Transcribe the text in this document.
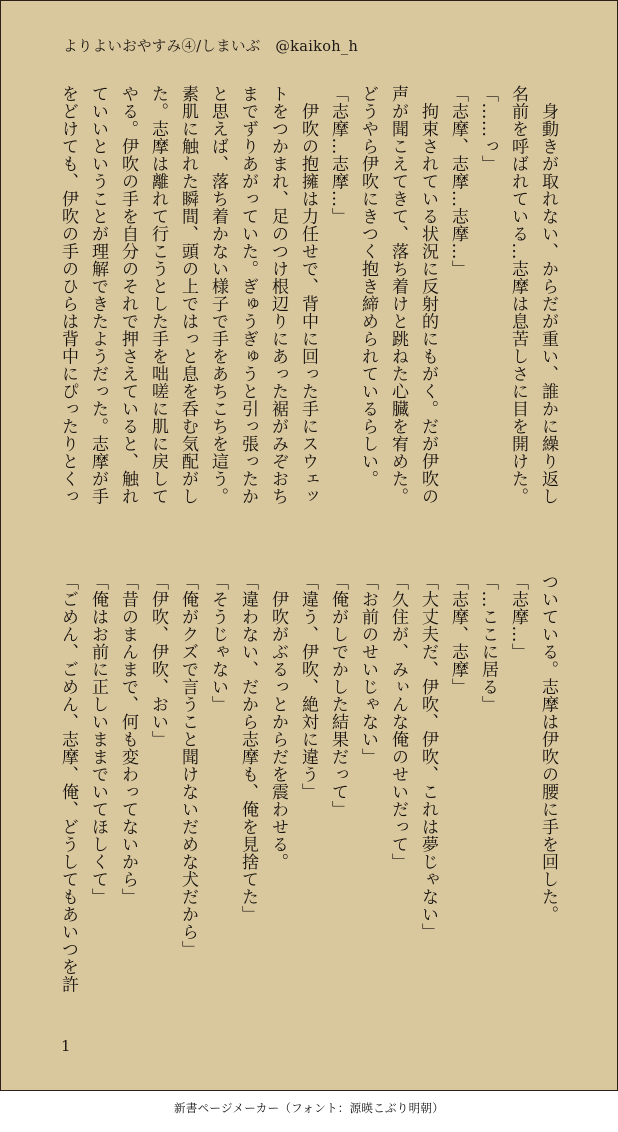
よりよいおやすみ④/しまいぶ　@kaikoh_h

　身動きが取れない、からだが重い、誰かに繰り返し

名前を呼ばれている…志摩は息苦しさに目を開けた。

「……っ」

「志摩、志摩…志摩…」

　拘束されている状況に反射的にもがく。だが伊吹の

声が聞こえてきて、落ち着けと跳ねた心臓を宥めた。

どうやら伊吹にきつく抱き締められているらしい。

「志摩…志摩…」

　伊吹の抱擁は力任せで、背中に回った手にスウェッ

トをつかまれ、足のつけ根辺りにあった裾がみぞおち

までずりあがっていた。ぎゅうぎゅうと引っ張ったか

と思えば、落ち着かない様子で手をあちこちを這う。

素肌に触れた瞬間、頭の上ではっと息を呑む気配がし

た。志摩は離れて行こうとした手を咄嗟に肌に戻して

やる。伊吹の手を自分のそれで押さえていると、触れ

ていいということが理解できたようだった。志摩が手

をどけても、伊吹の手のひらは背中にぴったりとくっ

ついている。志摩は伊吹の腰に手を回した。

「志摩…」

「…ここに居る」

「志摩、志摩」

「大丈夫だ、伊吹、伊吹、これは夢じゃない」

「久住が、みぃんな俺のせいだって」

「お前のせいじゃない」

「俺がしでかした結果だって」

「違う、伊吹、絶対に違う」

　伊吹がぶるっとからだを震わせる。

「違わない、だから志摩も、俺を見捨てた」

「そうじゃない」

「俺がクズで言うこと聞けないだめな犬だから」

「伊吹、伊吹、おい」

「昔のまんまで、何も変わってないから」

「俺はお前に正しいままでいてほしくて」

「ごめん、ごめん、志摩、俺、どうしてもあいつを許

1
新書ページメーカー（フォント：源暎こぶり明朝）
